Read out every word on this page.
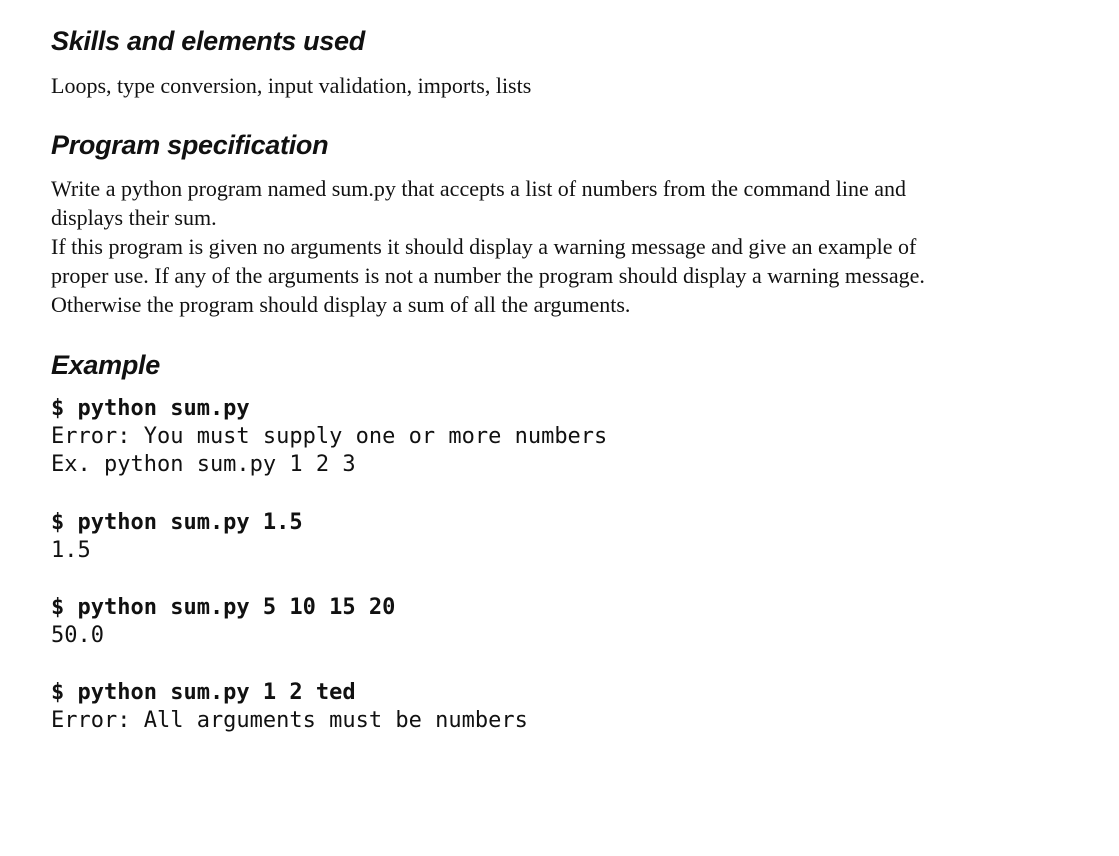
Skills and elements used

Loops, type conversion, input validation, imports, lists

Program specification

Write a python program named sum.py that accepts a list of numbers from the command line and

displays their sum.

If this program is given no arguments it should display a warning message and give an example of

proper use. If any of the arguments is not a number the program should display a warning message.

Otherwise the program should display a sum of all the arguments.

Example

$ python sum.py

Error: You must supply one or more numbers

Ex. python sum.py 1 2 3

$ python sum.py 1.5

1.5

$ python sum.py 5 10 15 20

50.0

$ python sum.py 1 2 ted

Error: All arguments must be numbers
